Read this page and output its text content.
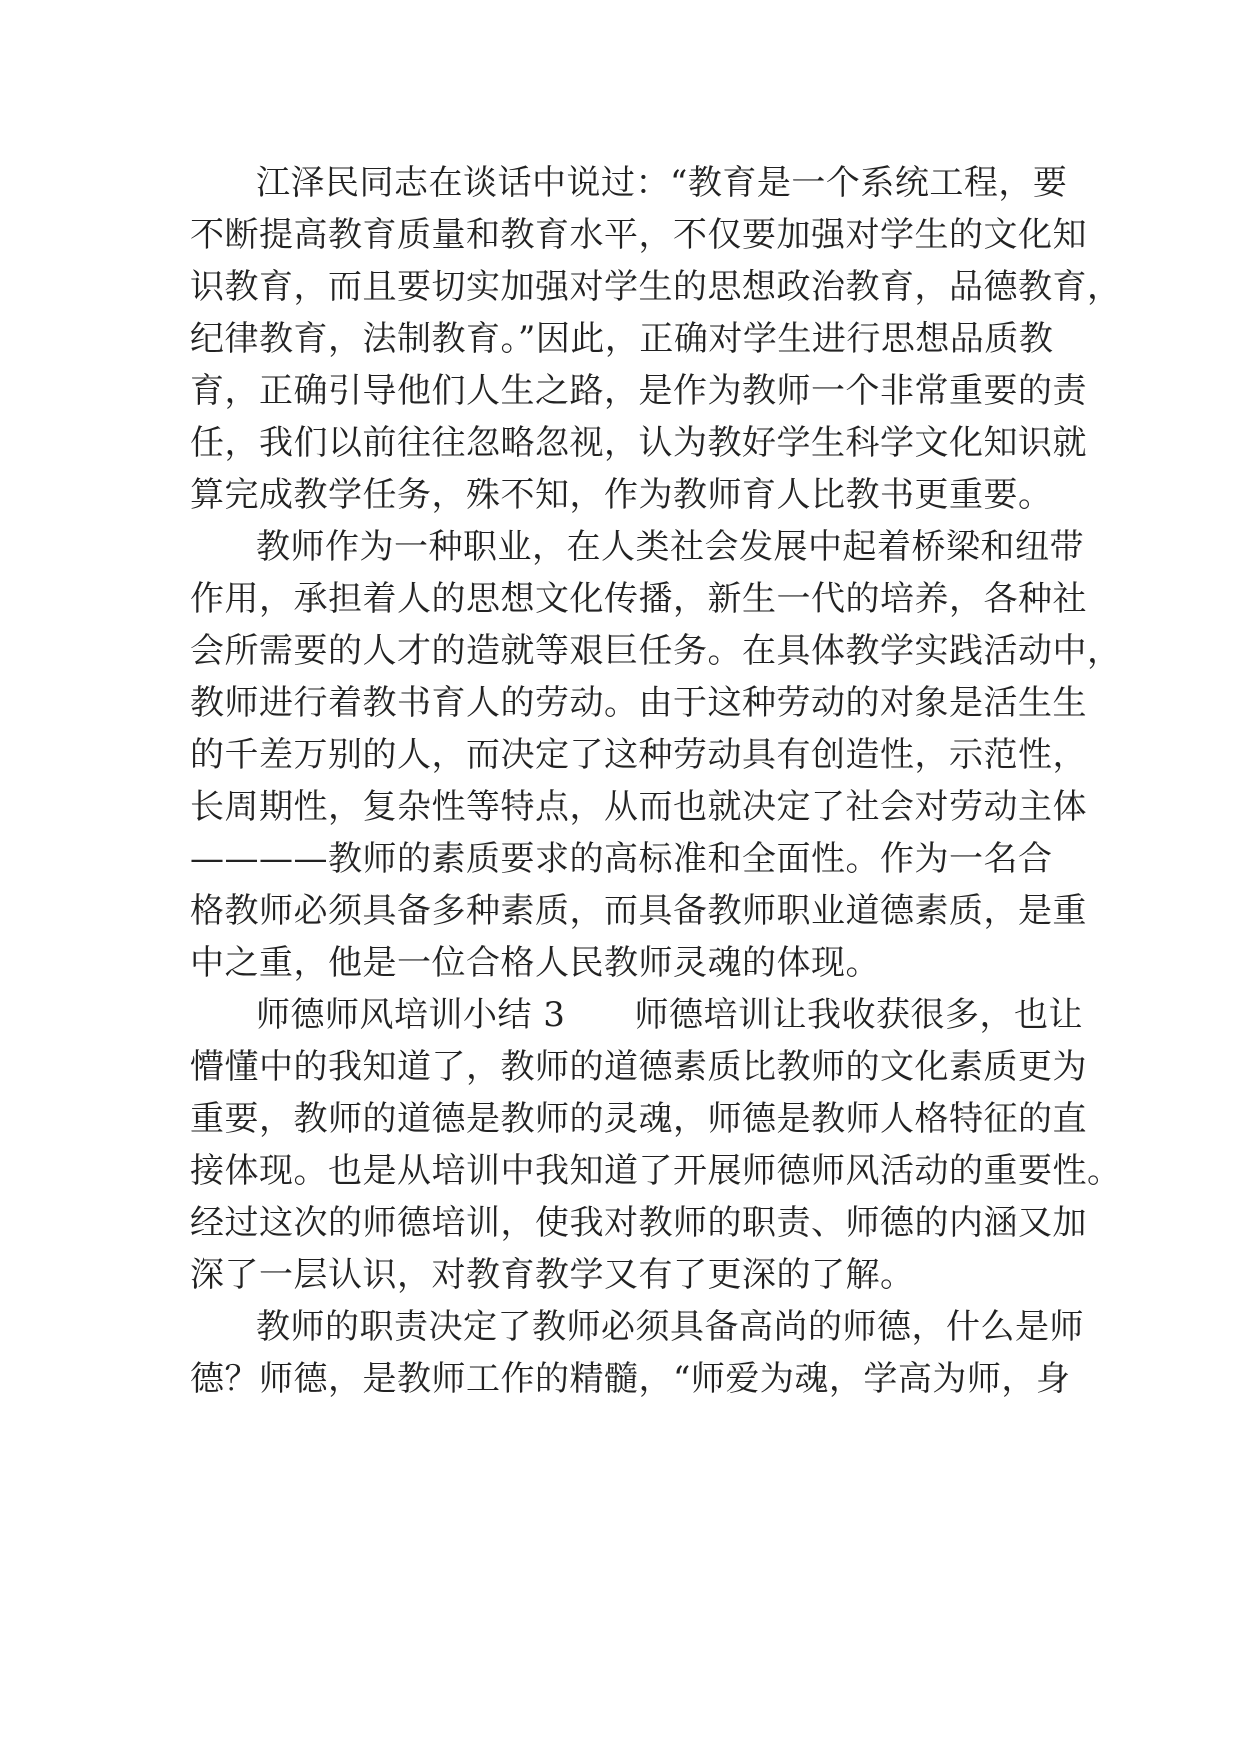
江泽民同志在谈话中说过：“教育是一个系统工程，要
不断提高教育质量和教育水平，不仅要加强对学生的文化知
识教育，而且要切实加强对学生的思想政治教育，品德教育，
纪律教育，法制教育。”因此，正确对学生进行思想品质教
育，正确引导他们人生之路，是作为教师一个非常重要的责
任，我们以前往往忽略忽视，认为教好学生科学文化知识就
算完成教学任务，殊不知，作为教师育人比教书更重要。
教师作为一种职业，在人类社会发展中起着桥梁和纽带
作用，承担着人的思想文化传播，新生一代的培养，各种社
会所需要的人才的造就等艰巨任务。在具体教学实践活动中，
教师进行着教书育人的劳动。由于这种劳动的对象是活生生
的千差万别的人，而决定了这种劳动具有创造性，示范性，
长周期性，复杂性等特点，从而也就决定了社会对劳动主体
————教师的素质要求的高标准和全面性。作为一名合
格教师必须具备多种素质，而具备教师职业道德素质，是重
中之重，他是一位合格人民教师灵魂的体现。
师德师风培训小结 3　　师德培训让我收获很多，也让
懵懂中的我知道了，教师的道德素质比教师的文化素质更为
重要，教师的道德是教师的灵魂，师德是教师人格特征的直
接体现。也是从培训中我知道了开展师德师风活动的重要性。
经过这次的师德培训，使我对教师的职责、师德的内涵又加
深了一层认识，对教育教学又有了更深的了解。
教师的职责决定了教师必须具备高尚的师德，什么是师
德？师德，是教师工作的精髓，“师爱为魂，学高为师，身
